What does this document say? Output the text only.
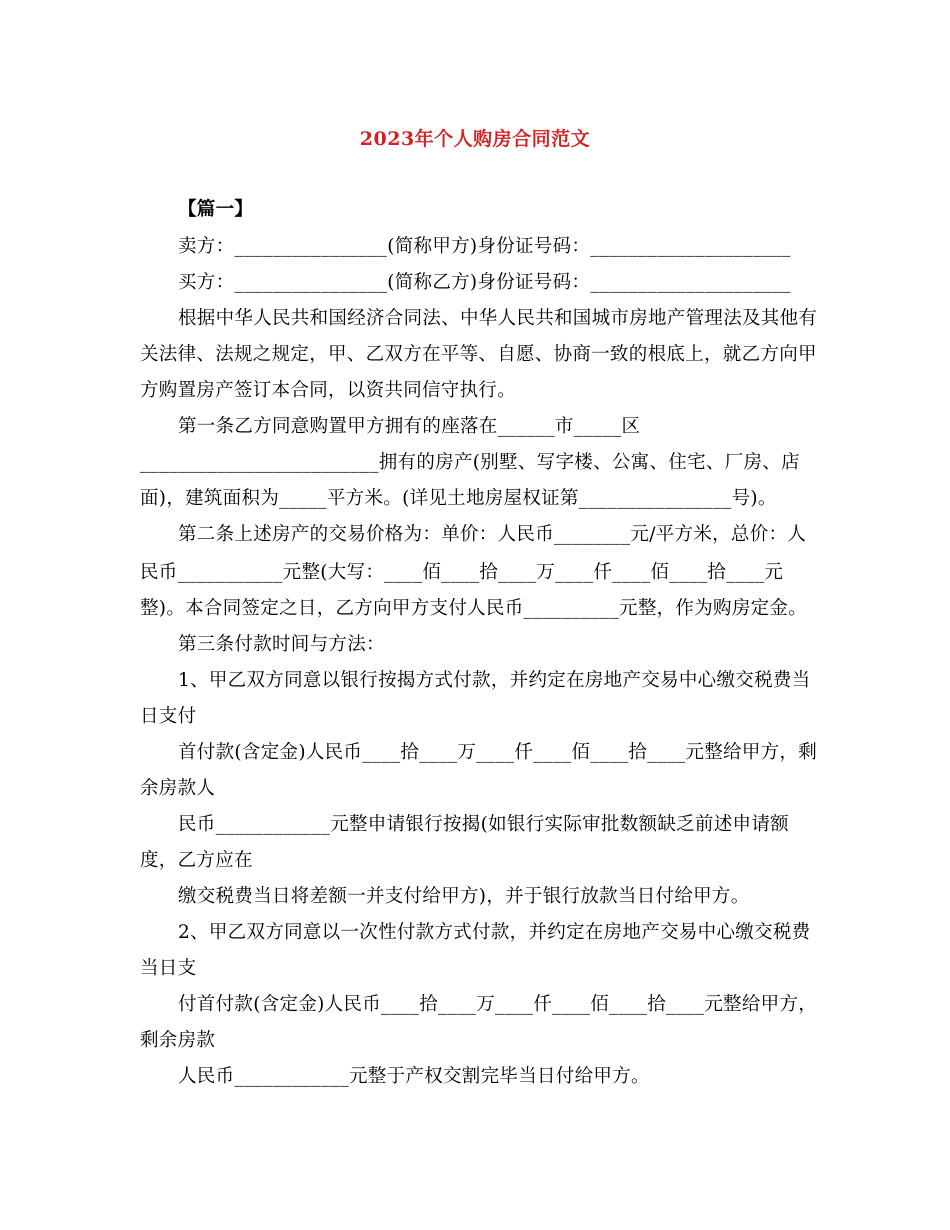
2023年个人购房合同范文
【篇一】
卖方：________________(简称甲方)身份证号码：_____________________
买方：________________(简称乙方)身份证号码：_____________________
根据中华人民共和国经济合同法、中华人民共和国城市房地产管理法及其他有
关法律、法规之规定，甲、乙双方在平等、自愿、协商一致的根底上，就乙方向甲
方购置房产签订本合同，以资共同信守执行。
第一条乙方同意购置甲方拥有的座落在______市_____区
_________________________拥有的房产(别墅、写字楼、公寓、住宅、厂房、店
面)，建筑面积为_____平方米。(详见土地房屋权证第________________号)。
第二条上述房产的交易价格为：单价：人民币________元/平方米，总价：人
民币___________元整(大写：____佰____拾____万____仟____佰____拾____元
整)。本合同签定之日，乙方向甲方支付人民币__________元整，作为购房定金。
第三条付款时间与方法：
1、甲乙双方同意以银行按揭方式付款，并约定在房地产交易中心缴交税费当
日支付
首付款(含定金)人民币____拾____万____仟____佰____拾____元整给甲方，剩
余房款人
民币____________元整申请银行按揭(如银行实际审批数额缺乏前述申请额
度，乙方应在
缴交税费当日将差额一并支付给甲方)，并于银行放款当日付给甲方。
2、甲乙双方同意以一次性付款方式付款，并约定在房地产交易中心缴交税费
当日支
付首付款(含定金)人民币____拾____万____仟____佰____拾____元整给甲方，
剩余房款
人民币____________元整于产权交割完毕当日付给甲方。
